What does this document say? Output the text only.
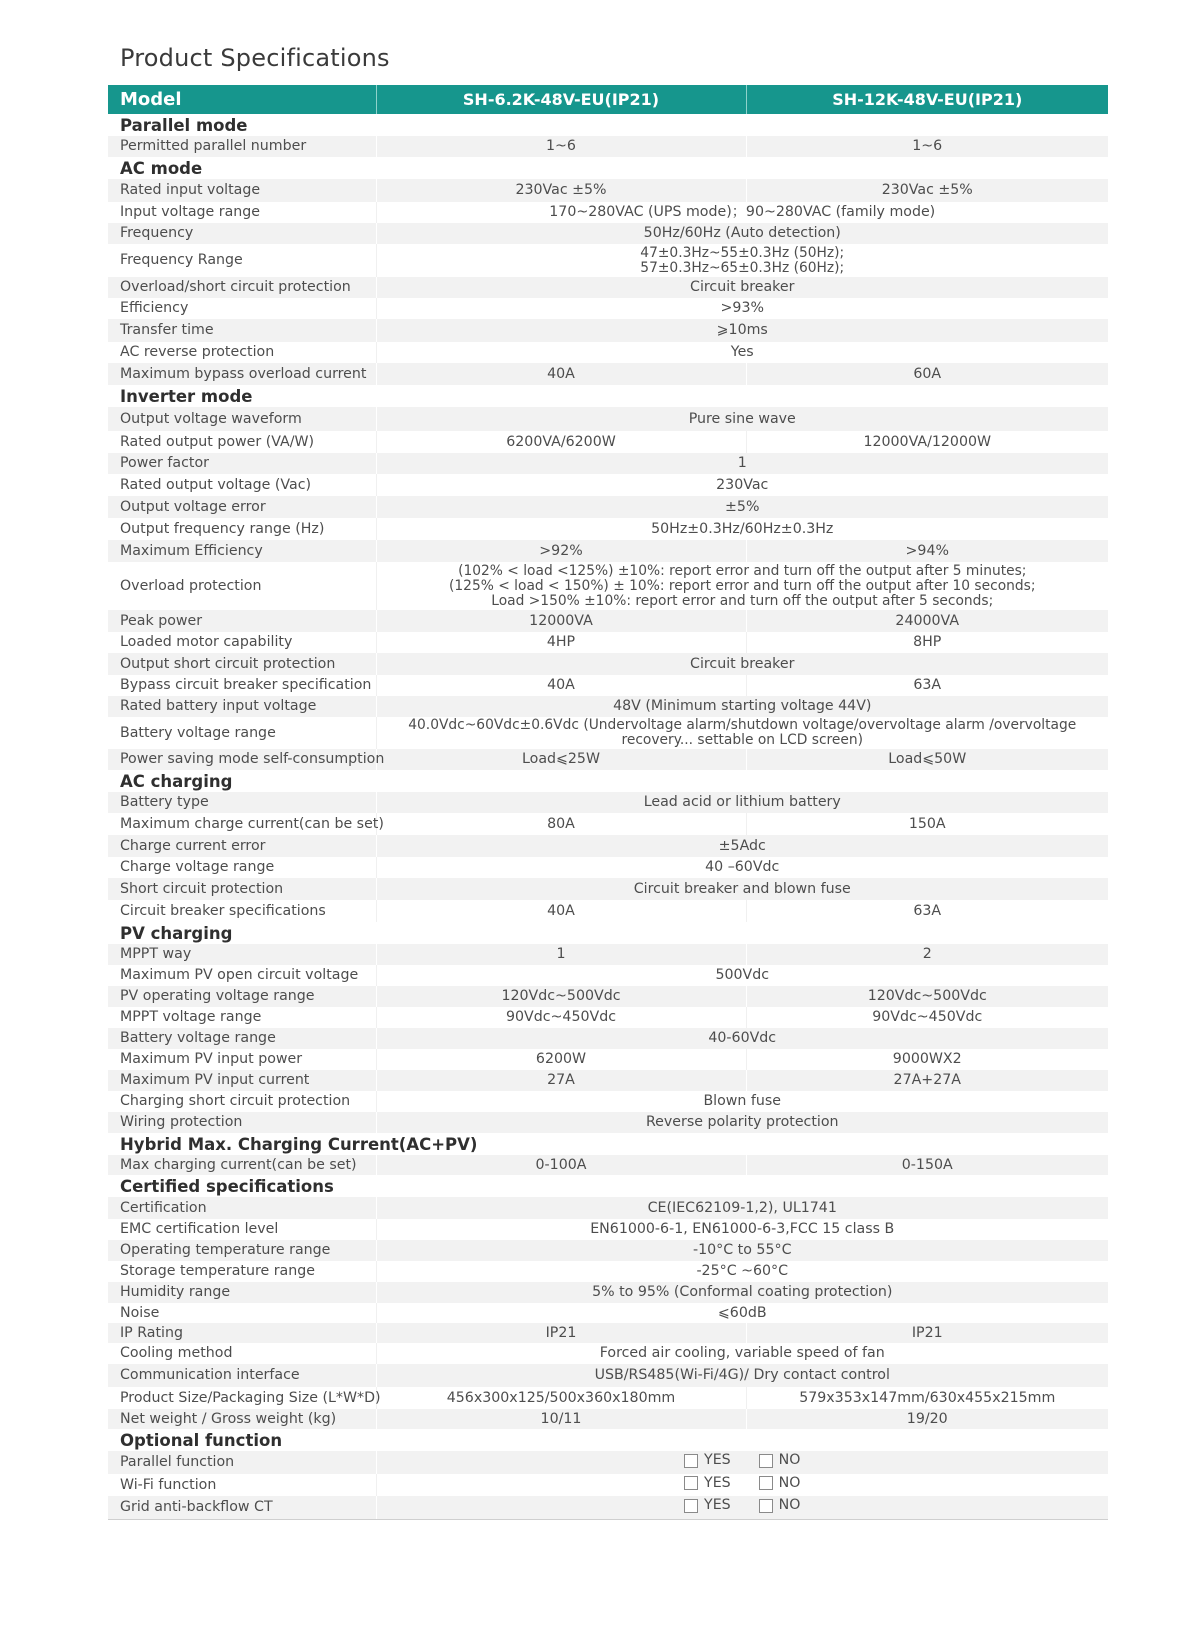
Product Specifications
Model	SH-6.2K-48V-EU(IP21)	SH-12K-48V-EU(IP21)
Parallel mode		
Permitted parallel number	1~6	1~6
AC mode		
Rated input voltage	230Vac ±5%	230Vac ±5%
Input voltage range	170~280VAC (UPS mode)；90~280VAC (family mode)	
Frequency	50Hz/60Hz (Auto detection)	
Frequency Range	47±0.3Hz~55±0.3Hz (50Hz);
57±0.3Hz~65±0.3Hz (60Hz);	

Overload/short circuit protection	Circuit breaker	
Efficiency	>93%	
Transfer time	⩾10ms	
AC reverse protection	Yes	
Maximum bypass overload current	40A	60A
Inverter mode		
Output voltage waveform	Pure sine wave	
Rated output power (VA/W)	6200VA/6200W	12000VA/12000W
Power factor	1	
Rated output voltage (Vac)	230Vac	
Output voltage error	±5%	
Output frequency range (Hz)	50Hz±0.3Hz/60Hz±0.3Hz	
Maximum Efficiency	>92%	>94%
Overload protection	(102% < load <125%) ±10%: report error and turn off the output after 5 minutes;
(125% < load < 150%) ± 10%: report error and turn off the output after 10 seconds;
Load >150% ±10%: report error and turn off the output after 5 seconds;	

Peak power	12000VA	24000VA
Loaded motor capability	4HP	8HP
Output short circuit protection	Circuit breaker	
Bypass circuit breaker specification	40A	63A
Rated battery input voltage	48V (Minimum starting voltage 44V)	
Battery voltage range	40.0Vdc~60Vdc±0.6Vdc (Undervoltage alarm/shutdown voltage/overvoltage alarm /overvoltage
recovery... settable on LCD screen)	

Power saving mode self-consumption	Load⩽25W	Load⩽50W
AC charging		
Battery type	Lead acid or lithium battery	
Maximum charge current(can be set)	80A	150A
Charge current error	±5Adc	
Charge voltage range	40 –60Vdc	
Short circuit protection	Circuit breaker and blown fuse	
Circuit breaker specifications	40A	63A
PV charging		
MPPT way	1	2
Maximum PV open circuit voltage	500Vdc	
PV operating voltage range	120Vdc~500Vdc	120Vdc~500Vdc
MPPT voltage range	90Vdc~450Vdc	90Vdc~450Vdc
Battery voltage range	40-60Vdc	
Maximum PV input power	6200W	9000WX2
Maximum PV input current	27A	27A+27A
Charging short circuit protection	Blown fuse	
Wiring protection	Reverse polarity protection	
Hybrid Max. Charging Current(AC+PV)		
Max charging current(can be set)	0-100A	0-150A
Certified specifications		
Certification	CE(IEC62109-1,2), UL1741	
EMC certification level	EN61000-6-1, EN61000-6-3,FCC 15 class B	
Operating temperature range	-10°C to 55°C	
Storage temperature range	-25°C ~60°C	
Humidity range	5% to 95% (Conformal coating protection)	
Noise	⩽60dB	
IP Rating	IP21	IP21
Cooling method	Forced air cooling, variable speed of fan	
Communication interface	USB/RS485(Wi-Fi/4G)/ Dry contact control	
Product Size/Packaging Size (L*W*D)	456x300x125/500x360x180mm	579x353x147mm/630x455x215mm
Net weight / Gross weight (kg)	10/11	19/20
Optional function		
Parallel function	YES NO	

Wi-Fi function	YES NO	

Grid anti-backflow CT	YES NO	
